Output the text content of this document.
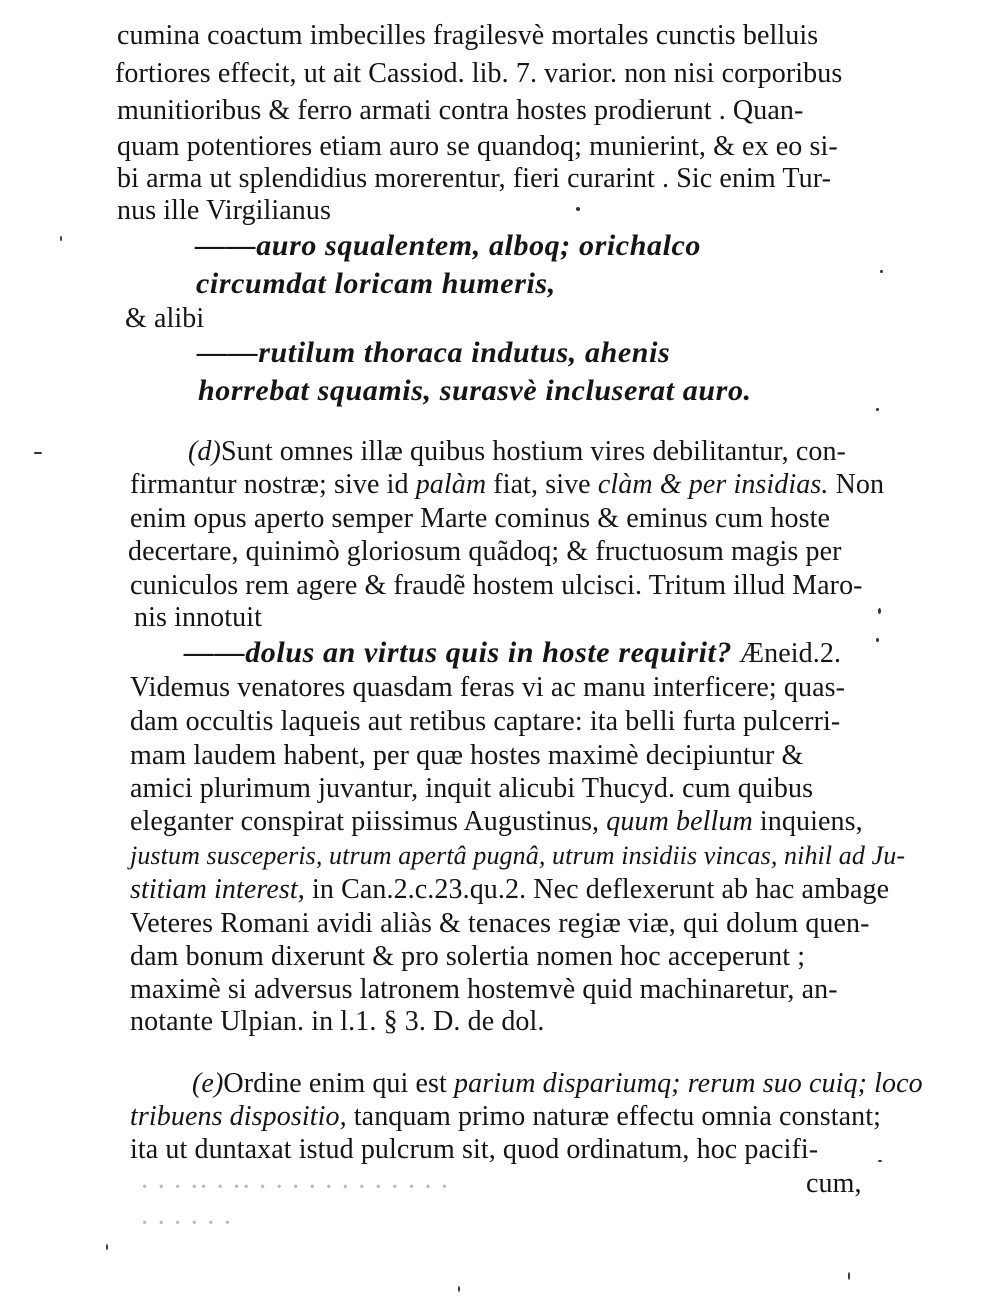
cumina coactum imbecilles fragilesvè mortales cunctis belluis
fortiores effecit, ut ait Cassiod. lib. 7. varior. non nisi corporibus
munitioribus & ferro armati contra hostes prodierunt . Quan-
quam potentiores etiam auro se quandoq; munierint, & ex eo si-
bi arma ut splendidius morerentur, fieri curarint . Sic enim Tur-
nus ille Virgilianus
——auro squalentem, alboq; orichalco
circumdat loricam humeris,
& alibi
——rutilum thoraca indutus, ahenis
horrebat squamis, surasvè incluserat auro.
(d)Sunt omnes illæ quibus hostium vires debilitantur, con-
firmantur nostræ; sive id palàm fiat, sive clàm & per insidias. Non
enim opus aperto semper Marte cominus & eminus cum hoste
decertare, quinimò gloriosum quãdoq; & fructuosum magis per
cuniculos rem agere & fraudẽ hostem ulcisci. Tritum illud Maro-
nis innotuit
——dolus an virtus quis in hoste requirit? Æneid.2.
Videmus venatores quasdam feras vi ac manu interficere; quas-
dam occultis laqueis aut retibus captare: ita belli furta pulcerri-
mam laudem habent, per quæ hostes maximè decipiuntur &
amici plurimum juvantur, inquit alicubi Thucyd. cum quibus
eleganter conspirat piissimus Augustinus, quum bellum inquiens,
justum susceperis, utrum apertâ pugnâ, utrum insidiis vincas, nihil ad Ju-
stitiam interest, in Can.2.c.23.qu.2. Nec deflexerunt ab hac ambage
Veteres Romani avidi aliàs & tenaces regiæ viæ, qui dolum quen-
dam bonum dixerunt & pro solertia nomen hoc acceperunt ;
maximè si adversus latronem hostemvè quid machinaretur, an-
notante Ulpian. in l.1. § 3. D. de dol.
(e)Ordine enim qui est parium dispariumq; rerum suo cuiq; loco
tribuens dispositio, tanquam primo naturæ effectu omnia constant;
ita ut duntaxat istud pulcrum sit, quod ordinatum, hoc pacifi-
· · · ·· · ·· · · · · · · · · · · · ·	cum,
· · · · · ·
